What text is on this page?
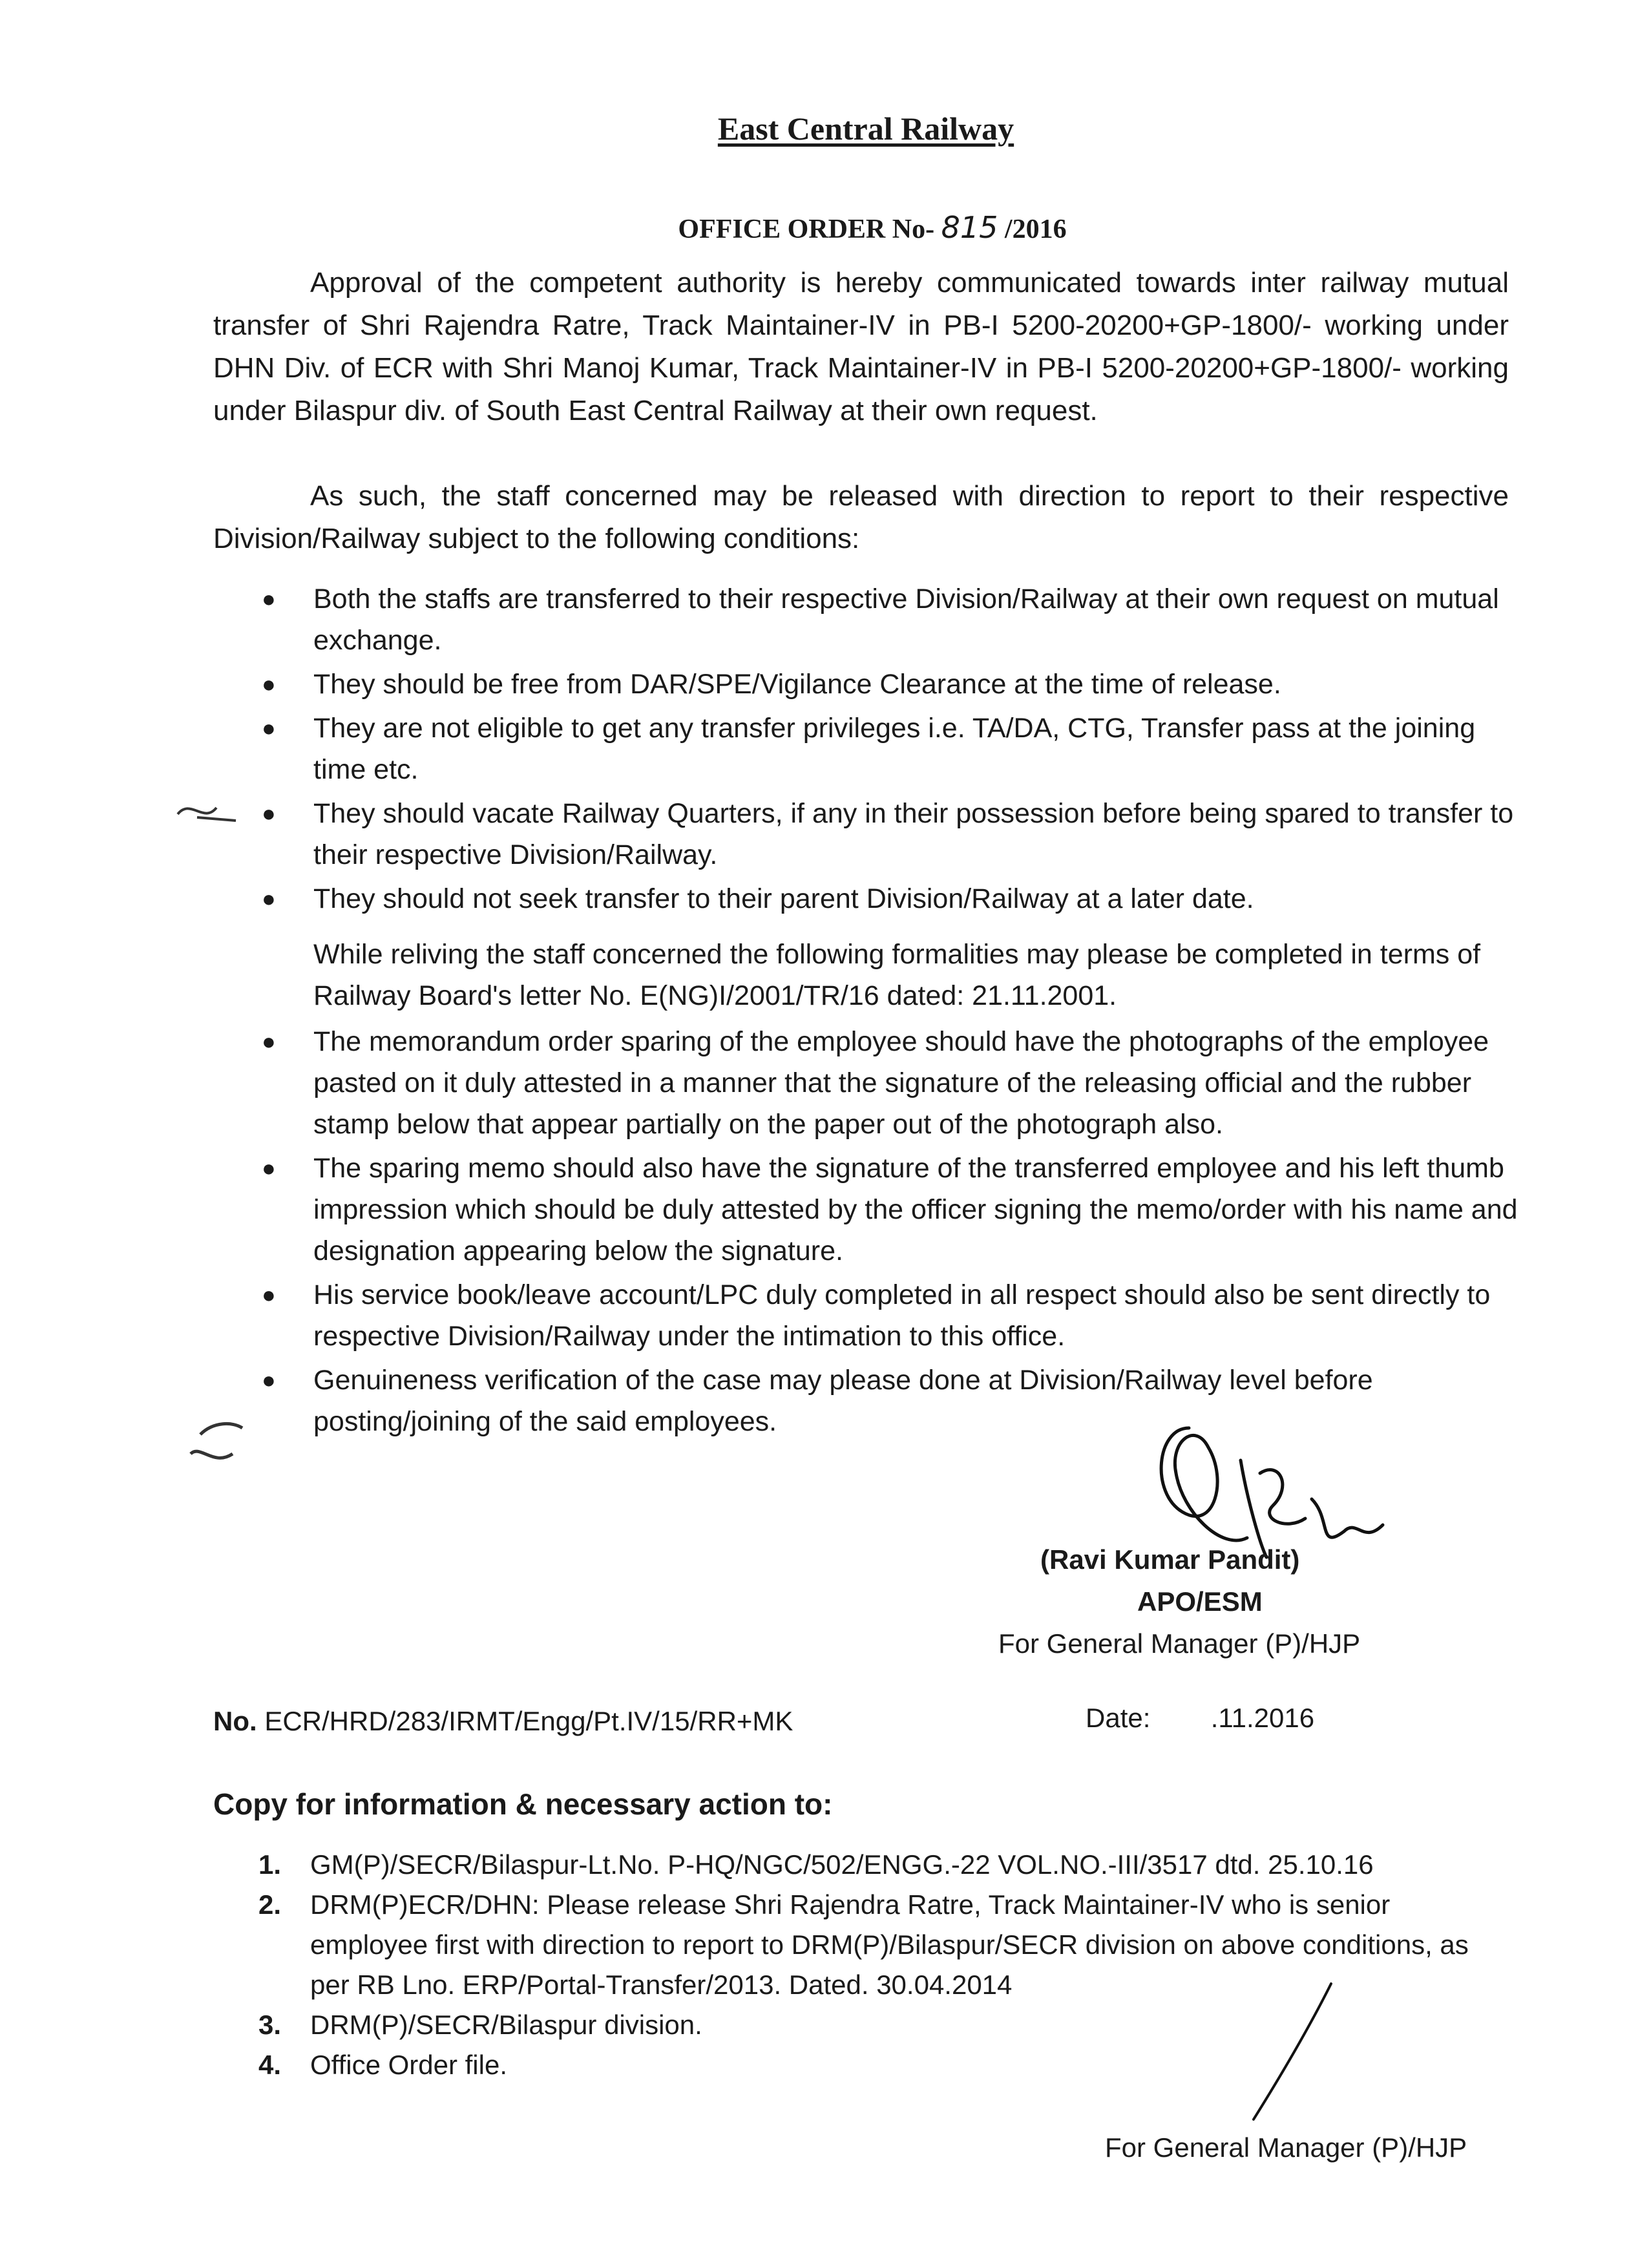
East Central Railway
OFFICE ORDER No- 815 /2016
Approval of the competent authority is hereby communicated towards inter railway mutual transfer of Shri Rajendra Ratre, Track Maintainer-IV in PB-I 5200-20200+GP-1800/- working under DHN Div. of ECR with Shri Manoj Kumar, Track Maintainer-IV in PB-I 5200-20200+GP-1800/- working under Bilaspur div. of South East Central Railway at their own request.
As such, the staff concerned may be released with direction to report to their respective Division/Railway subject to the following conditions:
● Both the staffs are transferred to their respective Division/Railway at their own request on mutual exchange.
● They should be free from DAR/SPE/Vigilance Clearance at the time of release.
● They are not eligible to get any transfer privileges i.e. TA/DA, CTG, Transfer pass at the joining time etc.
● They should vacate Railway Quarters, if any in their possession before being spared to transfer to their respective Division/Railway.
● They should not seek transfer to their parent Division/Railway at a later date.
While reliving the staff concerned the following formalities may please be completed in terms of Railway Board's letter No. E(NG)I/2001/TR/16 dated: 21.11.2001.
● The memorandum order sparing of the employee should have the photographs of the employee pasted on it duly attested in a manner that the signature of the releasing official and the rubber stamp below that appear partially on the paper out of the photograph also.
● The sparing memo should also have the signature of the transferred employee and his left thumb impression which should be duly attested by the officer signing the memo/order with his name and designation appearing below the signature.
● His service book/leave account/LPC duly completed in all respect should also be sent directly to respective Division/Railway under the intimation to this office.
● Genuineness verification of the case may please done at Division/Railway level before posting/joining of the said employees.
(Ravi Kumar Pandit)
APO/ESM
For General Manager (P)/HJP
No. ECR/HRD/283/IRMT/Engg/Pt.IV/15/RR+MK	Date: .11.2016
Copy for information & necessary action to:
1. GM(P)/SECR/Bilaspur-Lt.No. P-HQ/NGC/502/ENGG.-22 VOL.NO.-III/3517 dtd. 25.10.16
2. DRM(P)ECR/DHN: Please release Shri Rajendra Ratre, Track Maintainer-IV who is senior employee first with direction to report to DRM(P)/Bilaspur/SECR division on above conditions, as per RB Lno. ERP/Portal-Transfer/2013. Dated. 30.04.2014
3. DRM(P)/SECR/Bilaspur division.
4. Office Order file.
For General Manager (P)/HJP
